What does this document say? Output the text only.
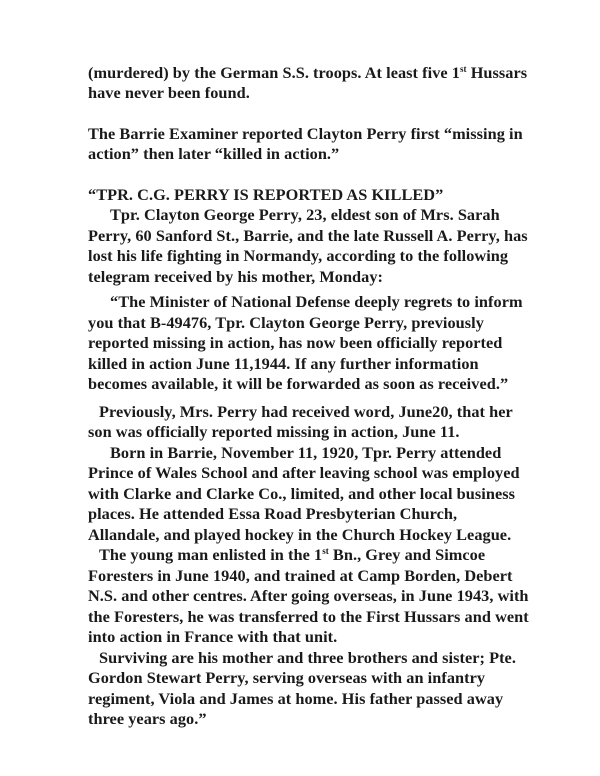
(murdered) by the German S.S. troops. At least five 1st Hussars
have never been found.
The Barrie Examiner reported Clayton Perry first “missing in
action” then later “killed in action.”
“TPR. C.G. PERRY IS REPORTED AS KILLED”
Tpr. Clayton George Perry, 23, eldest son of Mrs. Sarah
Perry, 60 Sanford St., Barrie, and the late Russell A. Perry, has
lost his life fighting in Normandy, according to the following
telegram received by his mother, Monday:
“The Minister of National Defense deeply regrets to inform
you that B-49476, Tpr. Clayton George Perry, previously
reported missing in action, has now been officially reported
killed in action June 11,1944. If any further information
becomes available, it will be forwarded as soon as received.”
Previously, Mrs. Perry had received word, June20, that her
son was officially reported missing in action, June 11.
Born in Barrie, November 11, 1920, Tpr. Perry attended
Prince of Wales School and after leaving school was employed
with Clarke and Clarke Co., limited, and other local business
places. He attended Essa Road Presbyterian Church,
Allandale, and played hockey in the Church Hockey League.
The young man enlisted in the 1st Bn., Grey and Simcoe
Foresters in June 1940, and trained at Camp Borden, Debert
N.S. and other centres. After going overseas, in June 1943, with
the Foresters, he was transferred to the First Hussars and went
into action in France with that unit.
Surviving are his mother and three brothers and sister; Pte.
Gordon Stewart Perry, serving overseas with an infantry
regiment, Viola and James at home. His father passed away
three years ago.”
